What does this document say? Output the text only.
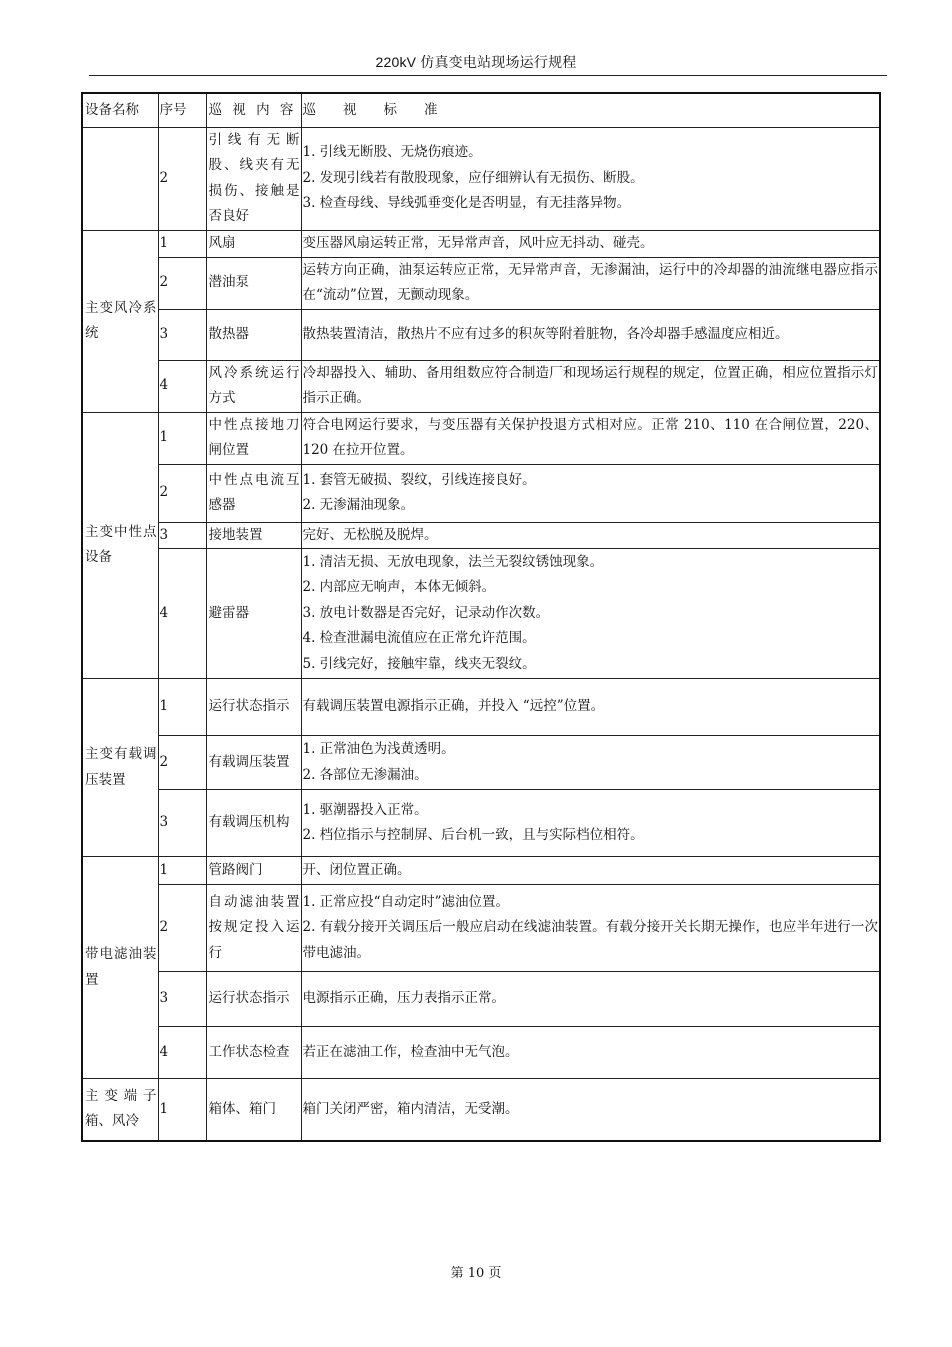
220kV 仿真变电站现场运行规程
设备名称	序号	巡 视 内 容	巡　　视　　标　　准
	2	引线有无断股、线夹有无损伤、接触是否良好	1. 引线无断股、无烧伤痕迹。
2. 发现引线若有散股现象，应仔细辨认有无损伤、断股。
3. 检查母线、导线弧垂变化是否明显，有无挂落异物。

主变风冷系统	1	风扇	变压器风扇运转正常，无异常声音，风叶应无抖动、碰壳。

	2	潜油泵	运转方向正确，油泵运转应正常，无异常声音，无渗漏油，运行中的冷却器的油流继电器应指示在“流动”位置，无颤动现象。

	3	散热器	散热装置清洁，散热片不应有过多的积灰等附着脏物，各冷却器手感温度应相近。

	4	风冷系统运行方式	冷却器投入、辅助、备用组数应符合制造厂和现场运行规程的规定，位置正确，相应位置指示灯指示正确。

主变中性点设备	1	中性点接地刀闸位置	符合电网运行要求，与变压器有关保护投退方式相对应。正常 210、110 在合闸位置，220、120 在拉开位置。

	2	中性点电流互感器	1. 套管无破损、裂纹，引线连接良好。
2. 无渗漏油现象。

	3	接地装置	完好、无松脱及脱焊。

	4	避雷器	1. 清洁无损、无放电现象，法兰无裂纹锈蚀现象。
2. 内部应无响声，本体无倾斜。
3. 放电计数器是否完好，记录动作次数。
4. 检查泄漏电流值应在正常允许范围。
5. 引线完好，接触牢靠，线夹无裂纹。

主变有载调压装置	1	运行状态指示	有载调压装置电源指示正确，并投入 “远控”位置。

	2	有载调压装置	1. 正常油色为浅黄透明。
2. 各部位无渗漏油。

	3	有载调压机构	1. 驱潮器投入正常。
2. 档位指示与控制屏、后台机一致，且与实际档位相符。

带电滤油装置	1	管路阀门	开、闭位置正确。

	2	自动滤油装置按规定投入运行	1. 正常应投“自动定时”滤油位置。
2. 有载分接开关调压后一般应启动在线滤油装置。有载分接开关长期无操作，也应半年进行一次带电滤油。

	3	运行状态指示	电源指示正确，压力表指示正常。

	4	工作状态检查	若正在滤油工作，检查油中无气泡。

主变端子箱、风冷	1	箱体、箱门	箱门关闭严密，箱内清洁，无受潮。
第 10 页
